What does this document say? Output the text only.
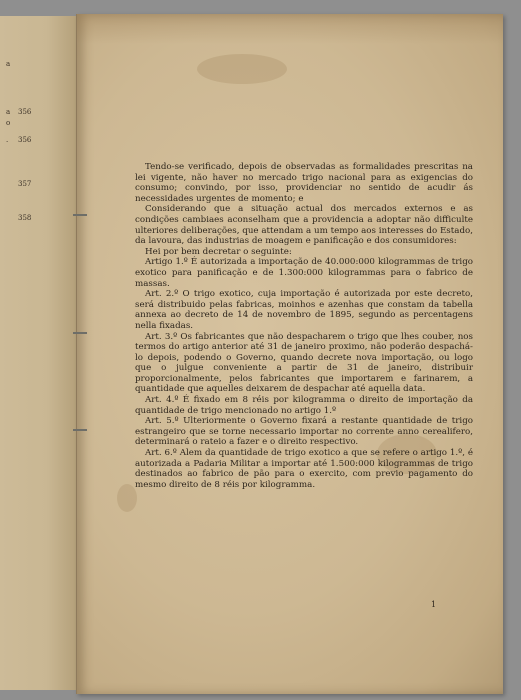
a
a 356
o
. 356
357
358

Tendo-se verificado, depois de observadas as formalidades prescritas na lei vigente, não haver no mercado trigo nacional para as exigencias do consumo; convindo, por isso, providenciar no sentido de acudir ás necessidades urgentes de momento; e

Considerando que a situação actual dos mercados externos e as condições cambiaes aconselham que a providencia a adoptar não difficulte ulteriores deliberações, que attendam a um tempo aos interesses do Estado, da lavoura, das industrias de moagem e panificação e dos consumidores:

Hei por bem decretar o seguinte:

Artigo 1.º É autorizada a importação de 40.000:000 kilogrammas de trigo exotico para panificação e de 1.300:000 kilogrammas para o fabrico de massas.

Art. 2.º O trigo exotico, cuja importação é autorizada por este decreto, será distribuido pelas fabricas, moinhos e azenhas que constam da tabella annexa ao decreto de 14 de novembro de 1895, segundo as percentagens nella fixadas.

Art. 3.º Os fabricantes que não despacharem o trigo que lhes couber, nos termos do artigo anterior até 31 de janeiro proximo, não poderão despachá-lo depois, podendo o Governo, quando decrete nova importação, ou logo que o julgue conveniente a partir de 31 de janeiro, distribuir proporcionalmente, pelos fabricantes que importarem e farinarem, a quantidade que aquelles deixarem de despachar até aquella data.

Art. 4.º É fixado em 8 réis por kilogramma o direito de importação da quantidade de trigo mencionado no artigo 1.º

Art. 5.º Ulteriormente o Governo fixará a restante quantidade de trigo estrangeiro que se torne necessario importar no corrente anno cerealifero, determinará o rateio a fazer e o direito respectivo.

Art. 6.º Alem da quantidade de trigo exotico a que se refere o artigo 1.º, é autorizada a Padaria Militar a importar até 1.500:000 kilogrammas de trigo destinados ao fabrico de pão para o exercito, com previo pagamento do mesmo direito de 8 réis por kilogramma.

1
